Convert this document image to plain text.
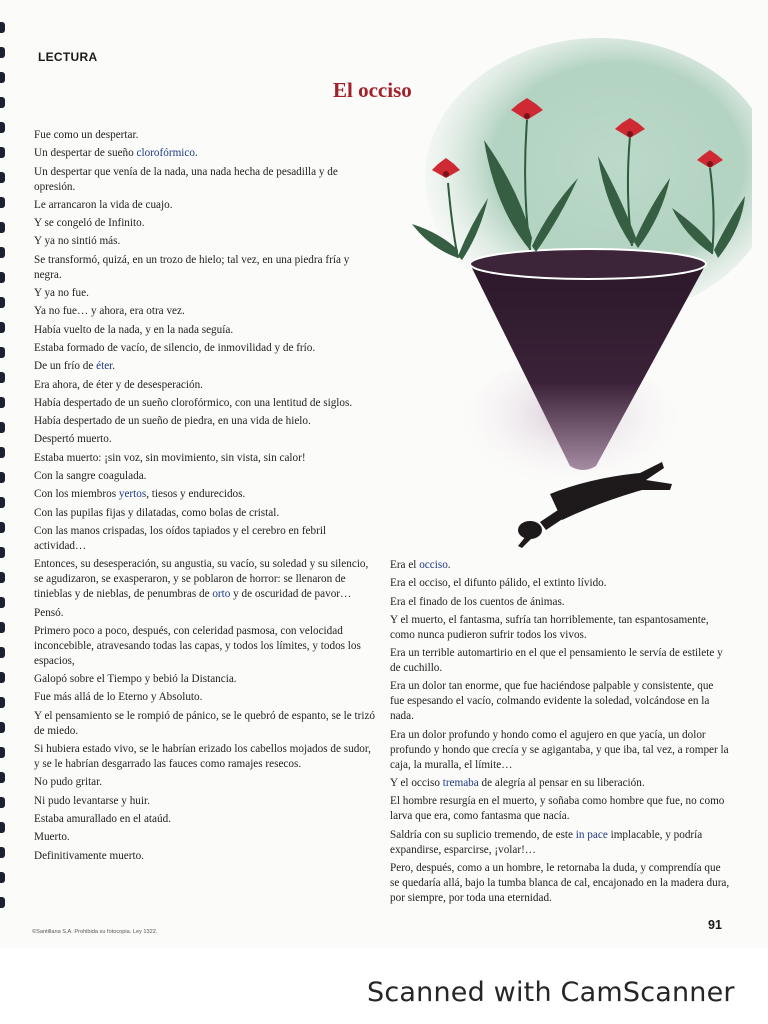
LECTURA
El occiso

Fue como un despertar.

Un despertar de sueño clorofórmico.

Un despertar que venía de la nada, una nada hecha de pesadilla y de opresión.

Le arrancaron la vida de cuajo.

Y se congeló de Infinito.

Y ya no sintió más.

Se transformó, quizá, en un trozo de hielo; tal vez, en una piedra fría y negra.

Y ya no fue.

Ya no fue… y ahora, era otra vez.

Había vuelto de la nada, y en la nada seguía.

Estaba formado de vacío, de silencio, de inmovilidad y de frío.

De un frío de éter.

Era ahora, de éter y de desesperación.

Había despertado de un sueño clorofórmico, con una lentitud de siglos.

Había despertado de un sueño de piedra, en una vida de hielo.

Despertó muerto.

Estaba muerto: ¡sin voz, sin movimiento, sin vista, sin calor!

Con la sangre coagulada.

Con los miembros yertos, tiesos y endurecidos.

Con las pupilas fijas y dilatadas, como bolas de cristal.

Con las manos crispadas, los oídos tapiados y el cerebro en febril actividad…

Entonces, su desesperación, su angustia, su vacío, su soledad y su silencio, se agudizaron, se exasperaron, y se poblaron de horror: se llenaron de tinieblas y de nieblas, de penumbras de orto y de oscuridad de pavor…

Pensó.

Primero poco a poco, después, con celeridad pasmosa, con velocidad inconcebible, atravesando todas las capas, y todos los límites, y todos los espacios,

Galopó sobre el Tiempo y bebió la Distancia.

Fue más allá de lo Eterno y Absoluto.

Y el pensamiento se le rompió de pánico, se le quebró de espanto, se le trizó de miedo.

Si hubiera estado vivo, se le habrían erizado los cabellos mojados de sudor, y se le habrían desgarrado las fauces como ramajes resecos.

No pudo gritar.

Ni pudo levantarse y huir.

Estaba amurallado en el ataúd.

Muerto.

Definitivamente muerto.

Era el occiso.

Era el occiso, el difunto pálido, el extinto lívido.

Era el finado de los cuentos de ánimas.

Y el muerto, el fantasma, sufría tan horriblemente, tan espantosamente, como nunca pudieron sufrir todos los vivos.

Era un terrible automartirio en el que el pensamiento le servía de estilete y de cuchillo.

Era un dolor tan enorme, que fue haciéndose palpable y consistente, que fue espesando el vacío, colmando evidente la soledad, volcándose en la nada.

Era un dolor profundo y hondo como el agujero en que yacía, un dolor profundo y hondo que crecía y se agigantaba, y que iba, tal vez, a romper la caja, la muralla, el límite…

Y el occiso tremaba de alegría al pensar en su liberación.

El hombre resurgía en el muerto, y soñaba como hombre que fue, no como larva que era, como fantasma que nacía.

Saldría con su suplicio tremendo, de este in pace implacable, y podría expandirse, esparcirse, ¡volar!…

Pero, después, como a un hombre, le retornaba la duda, y comprendía que se quedaría allá, bajo la tumba blanca de cal, encajonado en la madera dura, por siempre, por toda una eternidad.

©Santillana S.A. Prohibida su fotocopia. Ley 1322.	91
Scanned with CamScanner
